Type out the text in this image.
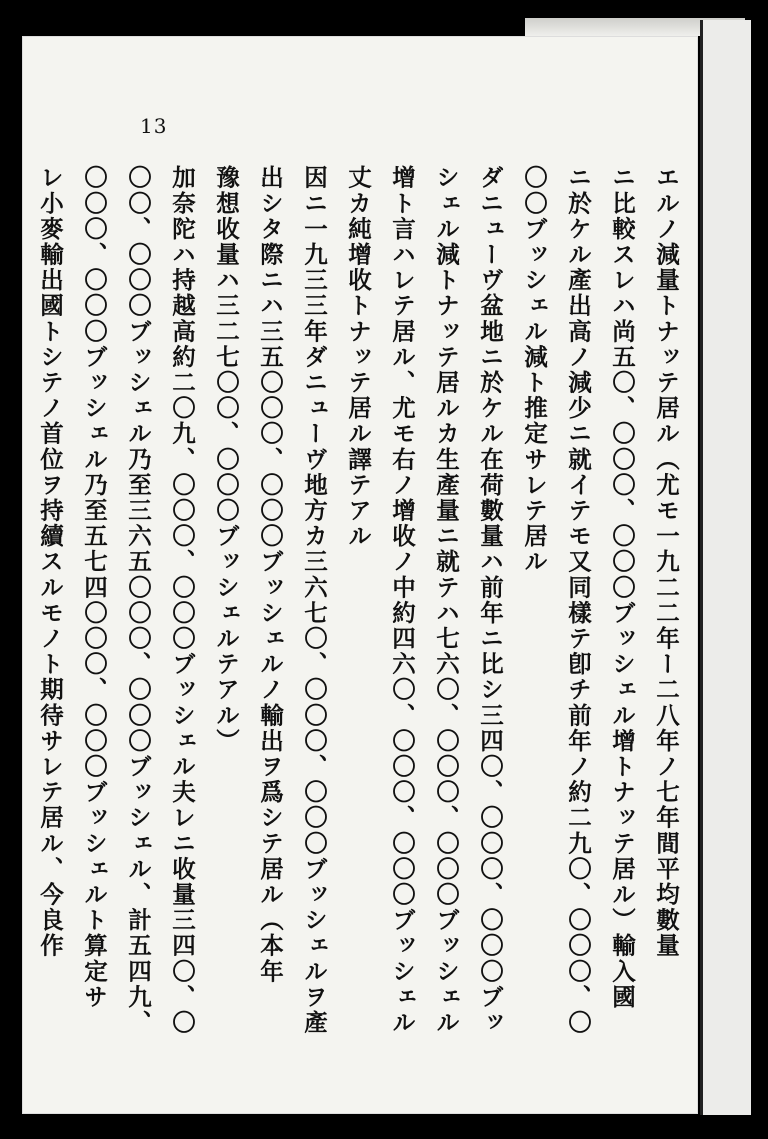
13
エルノ減量トナッテ居ル（尤モ一九二二年ー二八年ノ七年間平均數量
ニ比較スレハ尚五〇、〇〇〇、〇〇〇ブッシェル增トナッテ居ル）輸入國
ニ於ケル產出高ノ減少ニ就イテモ又同樣テ卽チ前年ノ約二九〇、〇〇〇、〇
〇〇ブッシェル減ト推定サレテ居ル
ダニューヴ盆地ニ於ケル在荷數量ハ前年ニ比シ三四〇、〇〇〇、〇〇〇ブッ
シェル減トナッテ居ルカ生產量ニ就テハ七六〇、〇〇〇、〇〇〇ブッシェル
增ト言ハレテ居ル、尤モ右ノ增收ノ中約四六〇、〇〇〇、〇〇〇ブッシェル
丈カ純增收トナッテ居ル譯テアル
因ニ一九三三年ダニューヴ地方カ三六七〇、〇〇〇、〇〇〇ブッシェルヲ產
出シタ際ニハ三五〇〇〇、〇〇〇ブッシェルノ輸出ヲ爲シテ居ル（本年
豫想收量ハ三二七〇〇、〇〇〇ブッシェルテアル）
加奈陀ハ持越高約二〇九、〇〇〇、〇〇〇ブッシェル夫レニ收量三四〇、〇
〇〇、〇〇〇ブッシェル乃至三六五〇〇〇、〇〇〇ブッシェル、計五四九、
〇〇〇、〇〇〇ブッシェル乃至五七四〇〇〇、〇〇〇ブッシェルト算定サ
レ小麥輸出國トシテノ首位ヲ持續スルモノト期待サレテ居ル、今良作
